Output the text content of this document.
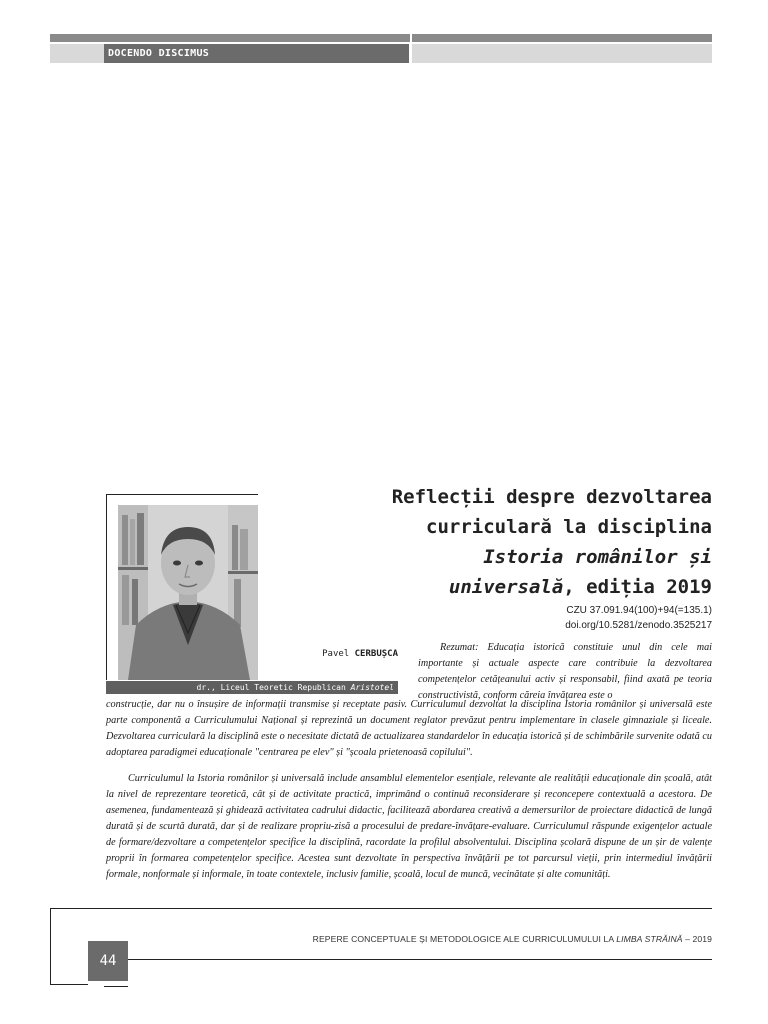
DOCENDO DISCIMUS
dr., Liceul Teoretic Republican Aristotel
Reflecții despre dezvoltarea
curriculară la disciplina
Istoria românilor și
universală, ediția 2019
CZU 37.091.94(100)+94(=135.1)
doi.org/10.5281/zenodo.3525217
Pavel CERBUȘCA
Rezumat: Educația istorică constituie unul din cele mai importante și actuale aspecte care contribuie la dezvoltarea competențelor cetățeanului activ și responsabil, fiind axată pe teoria constructivistă, conform căreia învățarea este o
construcție, dar nu o însușire de informații transmise și receptate pasiv. Curriculumul dezvoltat la disciplina Istoria românilor și universală este parte componentă a Curriculumului Național și reprezintă un document reglator prevăzut pentru implementare în clasele gimnaziale și liceale. Dezvoltarea curriculară la disciplină este o necesitate dictată de actualizarea standardelor în educația istorică și de schimbările survenite odată cu adoptarea paradigmei educaționale "centrarea pe elev" și "școala prietenoasă copilului".
Curriculumul la Istoria românilor și universală include ansamblul elementelor esențiale, relevante ale realității educaționale din școală, atât la nivel de reprezentare teoretică, cât și de activitate practică, imprimând o continuă reconsiderare și reconcepere contextuală a acestora. De asemenea, fundamentează și ghidează activitatea cadrului didactic, facilitează abordarea creativă a demersurilor de proiectare didactică de lungă durată și de scurtă durată, dar și de realizare propriu-zisă a procesului de predare-învățare-evaluare. Curriculumul răspunde exigențelor actuale de formare/dezvoltare a competențelor specifice la disciplină, racordate la profilul absolventului. Disciplina școlară dispune de un șir de valențe proprii în formarea competențelor specifice. Acestea sunt dezvoltate în perspectiva învățării pe tot parcursul vieții, prin intermediul învățării formale, nonformale și informale, în toate contextele, inclusiv familie, școală, locul de muncă, vecinătate și alte comunități.
REPERE CONCEPTUALE ȘI METODOLOGICE ALE CURRICULUMULUI LA LIMBA STRĂINĂ – 2019
44
